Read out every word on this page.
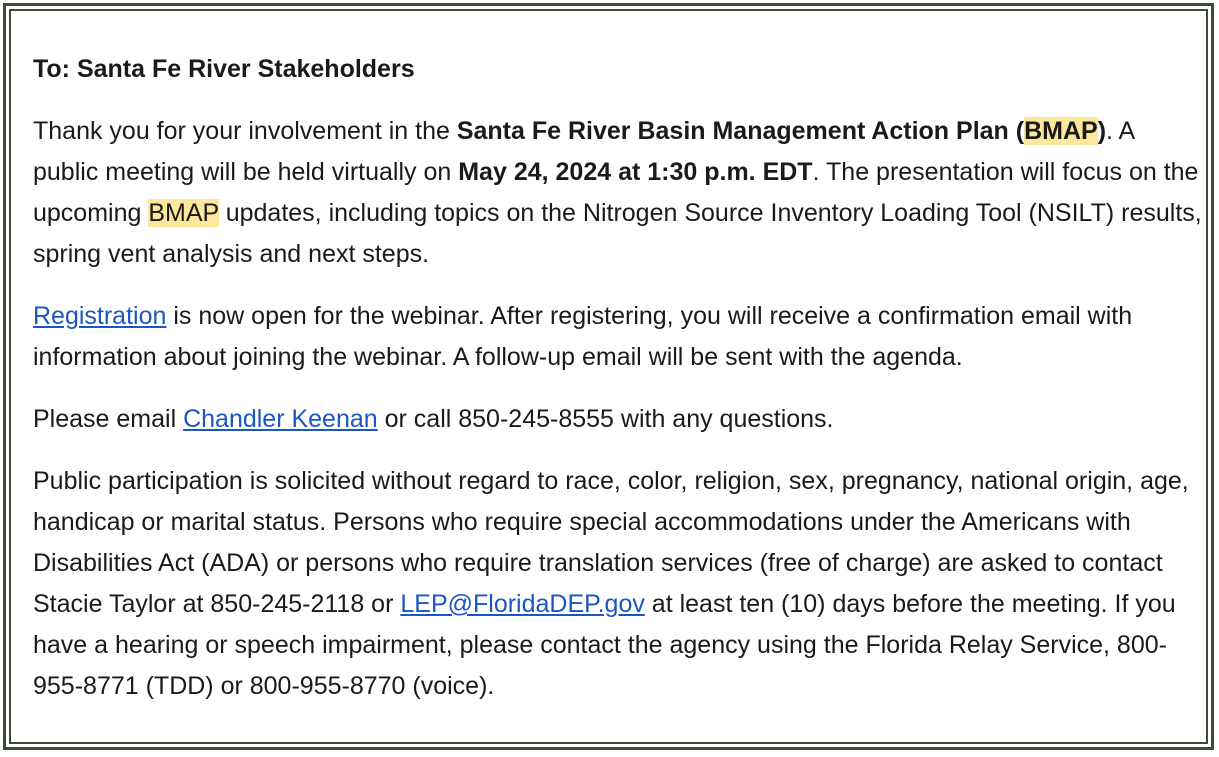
To: Santa Fe River Stakeholders

Thank you for your involvement in the Santa Fe River Basin Management Action Plan (BMAP). A public meeting will be held virtually on May 24, 2024 at 1:30 p.m. EDT. The presentation will focus on the upcoming BMAP updates, including topics on the Nitrogen Source Inventory Loading Tool (NSILT) results, spring vent analysis and next steps.

Registration is now open for the webinar. After registering, you will receive a confirmation email with information about joining the webinar. A follow-up email will be sent with the agenda.

Please email Chandler Keenan or call 850-245-8555 with any questions.

Public participation is solicited without regard to race, color, religion, sex, pregnancy, national origin, age, handicap or marital status. Persons who require special accommodations under the Americans with Disabilities Act (ADA) or persons who require translation services (free of charge) are asked to contact Stacie Taylor at 850-245-2118 or LEP@FloridaDEP.gov at least ten (10) days before the meeting. If you have a hearing or speech impairment, please contact the agency using the Florida Relay Service, 800-955-8771 (TDD) or 800-955-8770 (voice).
